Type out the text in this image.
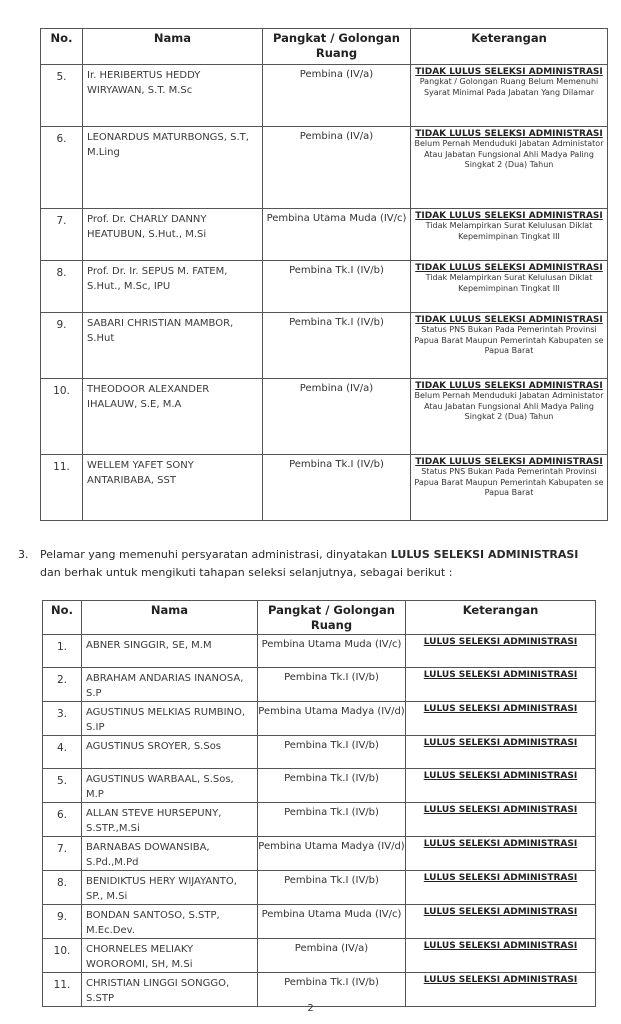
No.	Nama	Pangkat / Golongan Ruang	Keterangan
5.	Ir. HERIBERTUS HEDDY WIRYAWAN, S.T. M.Sc	Pembina (IV/a)	TIDAK LULUS SELEKSI ADMINISTRASI
Pangkat / Golongan Ruang Belum Memenuhi Syarat Minimal Pada Jabatan Yang Dilamar

6.	LEONARDUS MATURBONGS, S.T, M.Ling	Pembina (IV/a)	TIDAK LULUS SELEKSI ADMINISTRASI
Belum Pernah Menduduki Jabatan Administator Atau Jabatan Fungsional Ahli Madya Paling Singkat 2 (Dua) Tahun

7.	Prof. Dr. CHARLY DANNY HEATUBUN, S.Hut., M.Si	Pembina Utama Muda (IV/c)	TIDAK LULUS SELEKSI ADMINISTRASI
Tidak Melampirkan Surat Kelulusan Diklat Kepemimpinan Tingkat III

8.	Prof. Dr. Ir. SEPUS M. FATEM, S.Hut., M.Sc, IPU	Pembina Tk.I (IV/b)	TIDAK LULUS SELEKSI ADMINISTRASI
Tidak Melampirkan Surat Kelulusan Diklat Kepemimpinan Tingkat III

9.	SABARI CHRISTIAN MAMBOR, S.Hut	Pembina Tk.I (IV/b)	TIDAK LULUS SELEKSI ADMINISTRASI
Status PNS Bukan Pada Pemerintah Provinsi Papua Barat Maupun Pemerintah Kabupaten se Papua Barat

10.	THEODOOR ALEXANDER IHALAUW, S.E, M.A	Pembina (IV/a)	TIDAK LULUS SELEKSI ADMINISTRASI
Belum Pernah Menduduki Jabatan Administator Atau Jabatan Fungsional Ahli Madya Paling Singkat 2 (Dua) Tahun

11.	WELLEM YAFET SONY ANTARIBABA, SST	Pembina Tk.I (IV/b)	TIDAK LULUS SELEKSI ADMINISTRASI
Status PNS Bukan Pada Pemerintah Provinsi Papua Barat Maupun Pemerintah Kabupaten se Papua Barat
3. Pelamar yang memenuhi persyaratan administrasi, dinyatakan LULUS SELEKSI ADMINISTRASI
dan berhak untuk mengikuti tahapan seleksi selanjutnya, sebagai berikut :
No.	Nama	Pangkat / Golongan Ruang	Keterangan
1.	ABNER SINGGIR, SE, M.M	Pembina Utama Muda (IV/c)	LULUS SELEKSI ADMINISTRASI

2.	ABRAHAM ANDARIAS INANOSA, S.P	Pembina Tk.I (IV/b)	LULUS SELEKSI ADMINISTRASI

3.	AGUSTINUS MELKIAS RUMBINO, S.IP	Pembina Utama Madya (IV/d)	LULUS SELEKSI ADMINISTRASI

4.	AGUSTINUS SROYER, S.Sos	Pembina Tk.I (IV/b)	LULUS SELEKSI ADMINISTRASI

5.	AGUSTINUS WARBAAL, S.Sos, M.P	Pembina Tk.I (IV/b)	LULUS SELEKSI ADMINISTRASI

6.	ALLAN STEVE HURSEPUNY, S.STP.,M.Si	Pembina Tk.I (IV/b)	LULUS SELEKSI ADMINISTRASI

7.	BARNABAS DOWANSIBA, S.Pd.,M.Pd	Pembina Utama Madya (IV/d)	LULUS SELEKSI ADMINISTRASI

8.	BENIDIKTUS HERY WIJAYANTO, SP., M.Si	Pembina Tk.I (IV/b)	LULUS SELEKSI ADMINISTRASI

9.	BONDAN SANTOSO, S.STP, M.Ec.Dev.	Pembina Utama Muda (IV/c)	LULUS SELEKSI ADMINISTRASI

10.	CHORNELES MELIAKY WOROROMI, SH, M.Si	Pembina (IV/a)	LULUS SELEKSI ADMINISTRASI

11.	CHRISTIAN LINGGI SONGGO, S.STP	Pembina Tk.I (IV/b)	LULUS SELEKSI ADMINISTRASI
2
